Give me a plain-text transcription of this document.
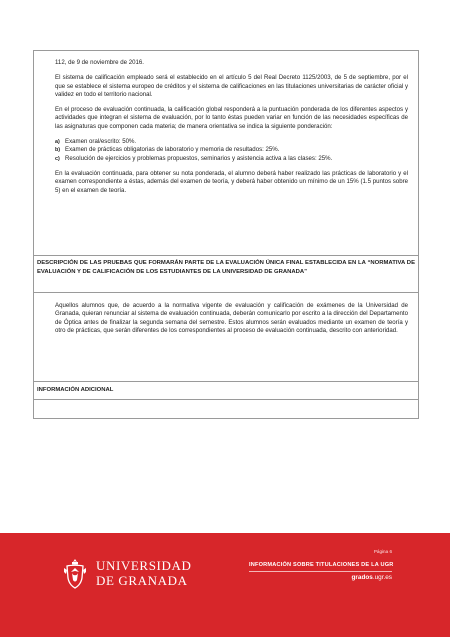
112, de 9 de noviembre de 2016.

El sistema de calificación empleado será el establecido en el artículo 5 del Real Decreto 1125/2003, de 5 de septiembre, por el que se establece el sistema europeo de créditos y el sistema de calificaciones en las titulaciones universitarias de carácter oficial y validez en todo el territorio nacional.

En el proceso de evaluación continuada, la calificación global responderá a la puntuación ponderada de los diferentes aspectos y actividades que integran el sistema de evaluación, por lo tanto éstas pueden variar en función de las necesidades específicas de las asignaturas que componen cada materia; de manera orientativa se indica la siguiente ponderación:

a) Examen oral/escrito: 50%.
b) Examen de prácticas obligatorias de laboratorio y memoria de resultados: 25%.
c) Resolución de ejercicios y problemas propuestos, seminarios y asistencia activa a las clases: 25%.

En la evaluación continuada, para obtener su nota ponderada, el alumno deberá haber realizado las prácticas de laboratorio y el examen correspondiente a éstas, además del examen de teoría, y deberá haber obtenido un mínimo de un 15% (1.5 puntos sobre 5) en el examen de teoría.

DESCRIPCIÓN DE LAS PRUEBAS QUE FORMARÁN PARTE DE LA EVALUACIÓN ÚNICA FINAL ESTABLECIDA EN LA “NORMATIVA DE EVALUACIÓN Y DE CALIFICACIÓN DE LOS ESTUDIANTES DE LA UNIVERSIDAD DE GRANADA”

Aquellos alumnos que, de acuerdo a la normativa vigente de evaluación y calificación de exámenes de la Universidad de Granada, quieran renunciar al sistema de evaluación continuada, deberán comunicarlo por escrito a la dirección del Departamento de Óptica antes de finalizar la segunda semana del semestre. Estos alumnos serán evaluados mediante un examen de teoría y otro de prácticas, que serán diferentes de los correspondientes al proceso de evaluación continuada, descrito con anterioridad.

INFORMACIÓN ADICIONAL
UNIVERSIDAD
DE GRANADA
Página 6
INFORMACIÓN SOBRE TITULACIONES DE LA UGR
grados.ugr.es
